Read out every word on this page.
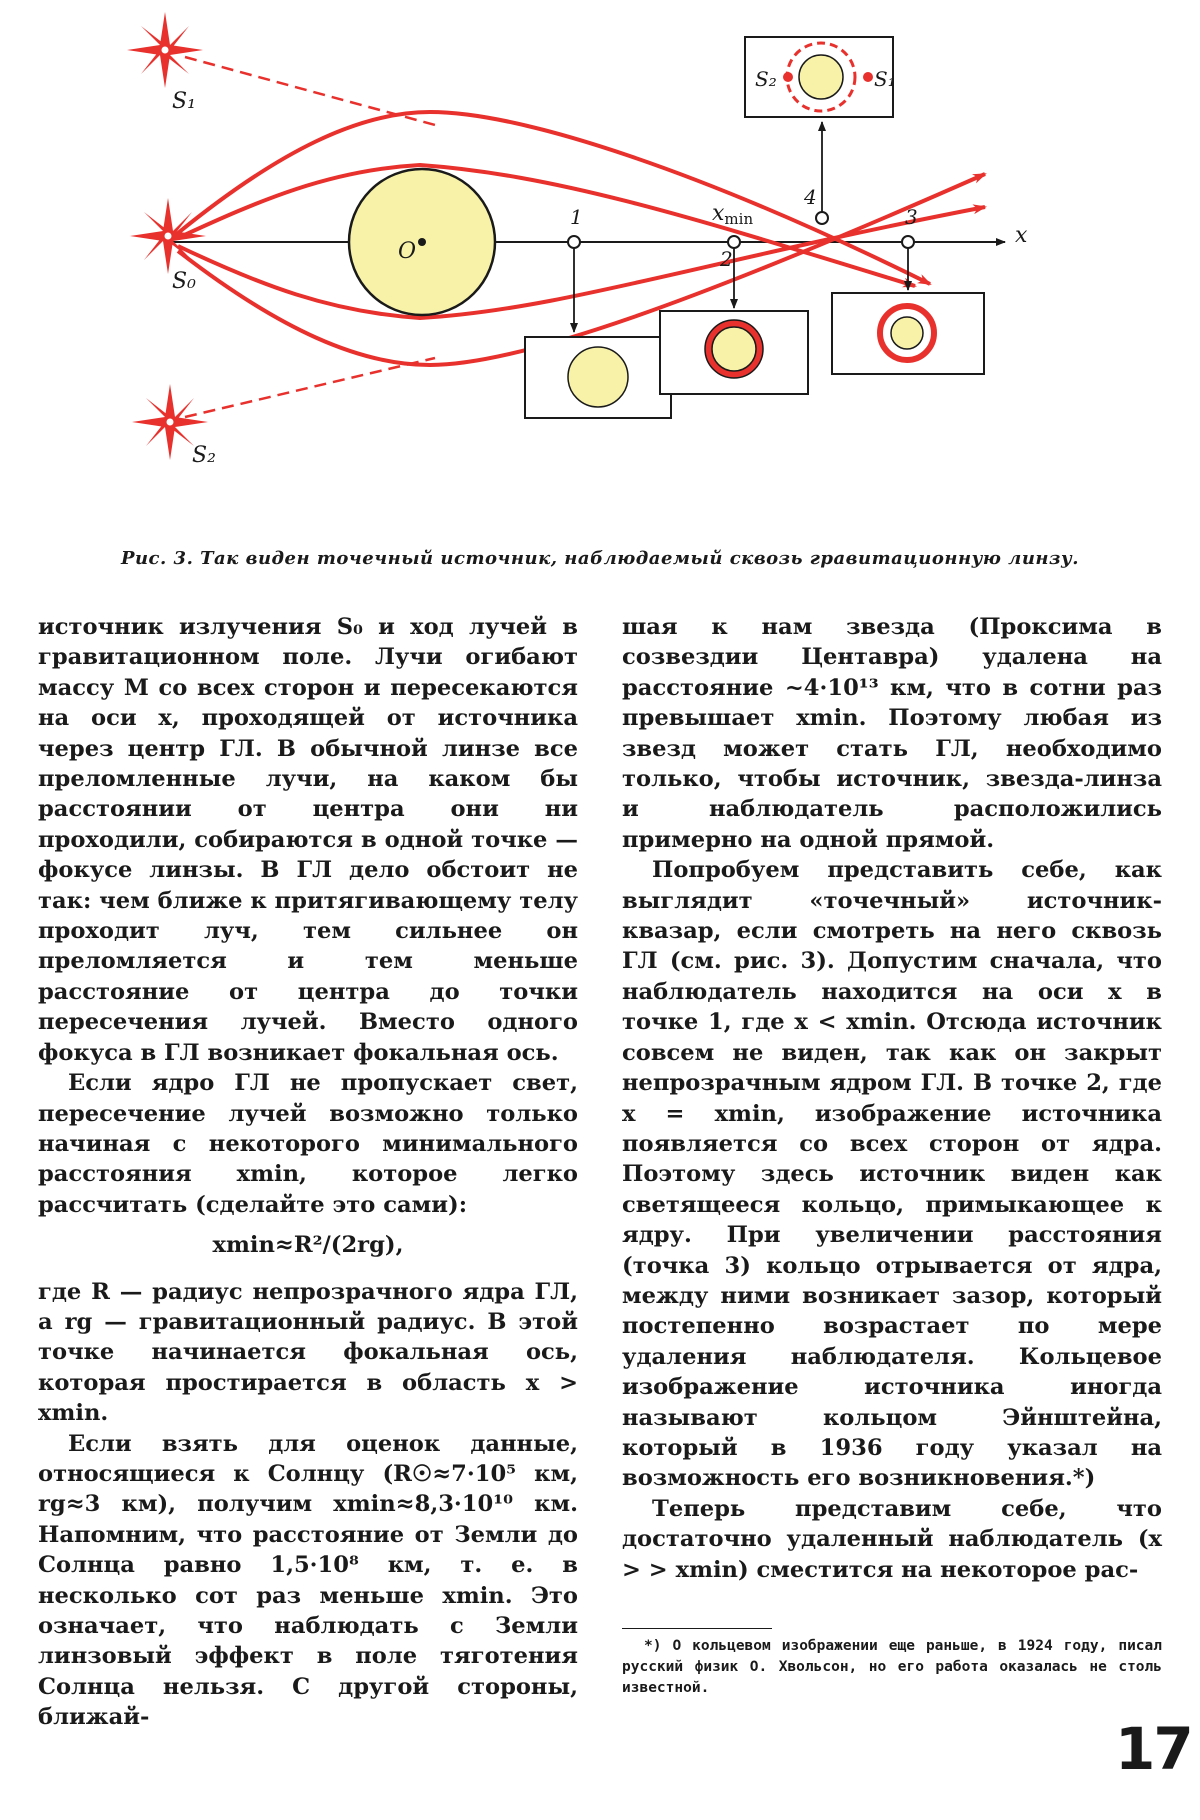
O
1
2
3
4
xmin
x
S₁
S₀
S₂
S₂	S₁
Рис. 3. Так виден точечный источник, наблюдаемый сквозь гравитационную линзу.

источник излучения S₀ и ход лучей в гравитационном поле. Лучи огибают массу M со всех сторон и пересекаются на оси x, проходящей от источника через центр ГЛ. В обычной линзе все преломленные лучи, на каком бы расстоянии от центра они ни проходили, собираются в одной точке — фокусе линзы. В ГЛ дело обстоит не так: чем ближе к притягивающему телу проходит луч, тем сильнее он преломляется и тем меньше расстояние от центра до точки пересечения лучей. Вместо одного фокуса в ГЛ возникает фокальная ось.

Если ядро ГЛ не пропускает свет, пересечение лучей возможно только начиная с некоторого минимального расстояния xmin, которое легко рассчитать (сделайте это сами):

xmin≈R²/(2rg),

где R — радиус непрозрачного ядра ГЛ, а rg — гравитационный радиус. В этой точке начинается фокальная ось, которая простирается в область x > xmin.

Если взять для оценок данные, относящиеся к Солнцу (R☉≈7·10⁵ км, rg≈3 км), получим xmin≈8,3·10¹⁰ км. Напомним, что расстояние от Земли до Солнца равно 1,5·10⁸ км, т. е. в несколько сот раз меньше xmin. Это означает, что наблюдать с Земли линзовый эффект в поле тяготения Солнца нельзя. С другой стороны, ближай-

шая к нам звезда (Проксима в созвездии Центавра) удалена на расстояние ~4·10¹³ км, что в сотни раз превышает xmin. Поэтому любая из звезд может стать ГЛ, необходимо только, чтобы источник, звезда-линза и наблюдатель расположились примерно на одной прямой.

Попробуем представить себе, как выглядит «точечный» источник-квазар, если смотреть на него сквозь ГЛ (см. рис. 3). Допустим сначала, что наблюдатель находится на оси x в точке 1, где x < xmin. Отсюда источник совсем не виден, так как он закрыт непрозрачным ядром ГЛ. В точке 2, где x = xmin, изображение источника появляется со всех сторон от ядра. Поэтому здесь источник виден как светящееся кольцо, примыкающее к ядру. При увеличении расстояния (точка 3) кольцо отрывается от ядра, между ними возникает зазор, который постепенно возрастает по мере удаления наблюдателя. Кольцевое изображение источника иногда называют кольцом Эйнштейна, который в 1936 году указал на возможность его возникновения.*)

Теперь представим себе, что достаточно удаленный наблюдатель (x > > xmin) сместится на некоторое рас-

*) О кольцевом изображении еще раньше, в 1924 году, писал русский физик О. Хвольсон, но его работа оказалась не столь известной.

17
